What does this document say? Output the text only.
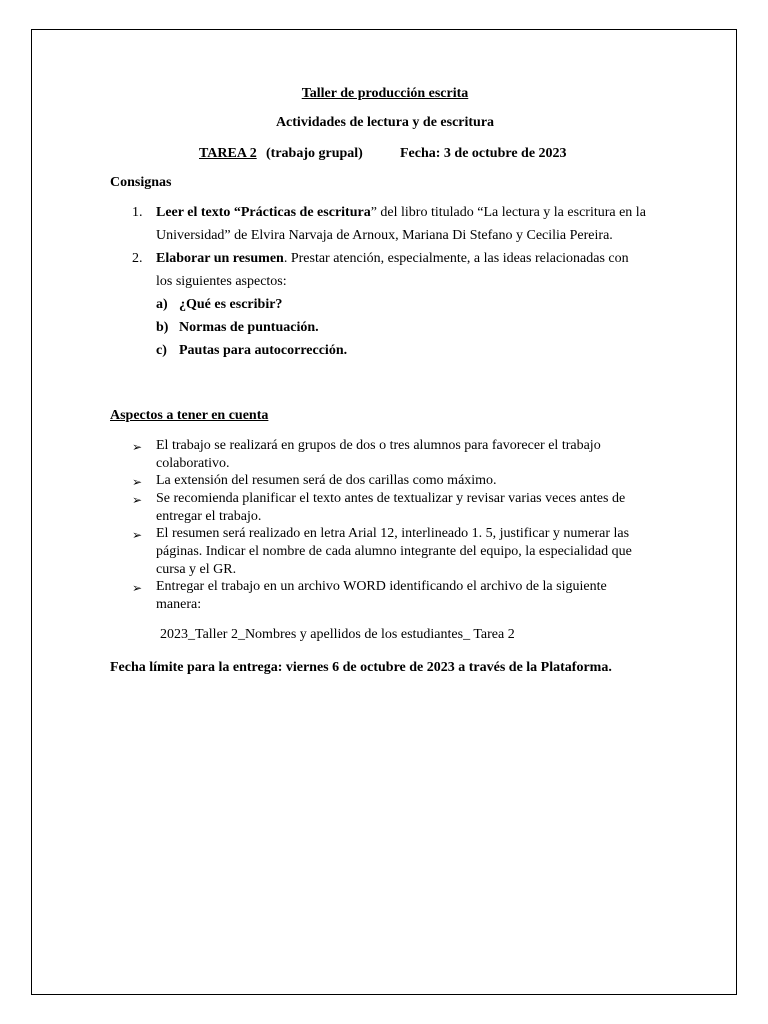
Taller de producción escrita
Actividades de lectura y de escritura
TAREA 2 (trabajo grupal)	Fecha: 3 de octubre de 2023
Consignas
1. Leer el texto “Prácticas de escritura” del libro titulado “La lectura y la escritura en la
Universidad” de Elvira Narvaja de Arnoux, Mariana Di Stefano y Cecilia Pereira.
2. Elaborar un resumen. Prestar atención, especialmente, a las ideas relacionadas con
los siguientes aspectos:
a) ¿Qué es escribir?
b) Normas de puntuación.
c) Pautas para autocorrección.
Aspectos a tener en cuenta
➢ El trabajo se realizará en grupos de dos o tres alumnos para favorecer el trabajo
colaborativo.
➢ La extensión del resumen será de dos carillas como máximo.
➢ Se recomienda planificar el texto antes de textualizar y revisar varias veces antes de
entregar el trabajo.
➢ El resumen será realizado en letra Arial 12, interlineado 1. 5, justificar y numerar las
páginas. Indicar el nombre de cada alumno integrante del equipo, la especialidad que
cursa y el GR.
➢ Entregar el trabajo en un archivo WORD identificando el archivo de la siguiente
manera:
2023_Taller 2_Nombres y apellidos de los estudiantes_ Tarea 2
Fecha límite para la entrega: viernes 6 de octubre de 2023 a través de la Plataforma.
